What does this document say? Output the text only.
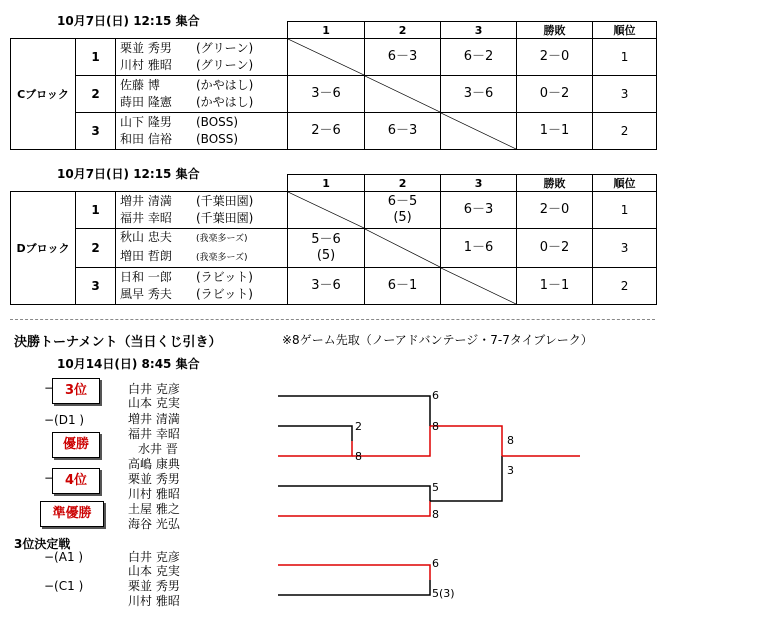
10月7日(日) 12:15 集合
			1	2	3	勝敗	順位
Cブロック	1	栗並 秀男 (グリーン)
川村 雅昭 (グリーン)		6－3	6－2	2－0	1
	2	佐藤 博 (かやはし)
蒔田 隆憲 (かやはし)	3－6		3－6	0－2	3
	3	山下 隆男 (BOSS)
和田 信裕 (BOSS)	2－6	6－3		1－1	2
10月7日(日) 12:15 集合
			1	2	3	勝敗	順位
Dブロック	1	増井 清満 (千葉田園)
福井 幸昭 (千葉田園)		6－5
(5)	6－3	2－0	1
	2	秋山 忠夫 (我楽多ーズ)
増田 哲朗 (我楽多ーズ)	5－6
(5)		1－6	0－2	3
	3	日和 一郎 (ラビット)
風早 秀夫 (ラビット)	3－6	6－1		1－1	2
決勝トーナメント（当日くじ引き）	※8ゲーム先取（ノーアドバンテージ・7-7タイブレーク）
10月14日(日) 8:45 集合
3位
優勝
4位
準優勝
−
−
−(D1 )
白井 克彦
山本 克実
増井 清満
福井 幸昭
水井 晋
高嶋 康典
栗並 秀男
川村 雅昭
土屋 雅之
海谷 光弘
3位決定戦
−(A1 )
−(C1 )
白井 克彦
山本 克実
栗並 秀男
川村 雅昭
6
8
2
8
5
8
8
3
6
5(3)
